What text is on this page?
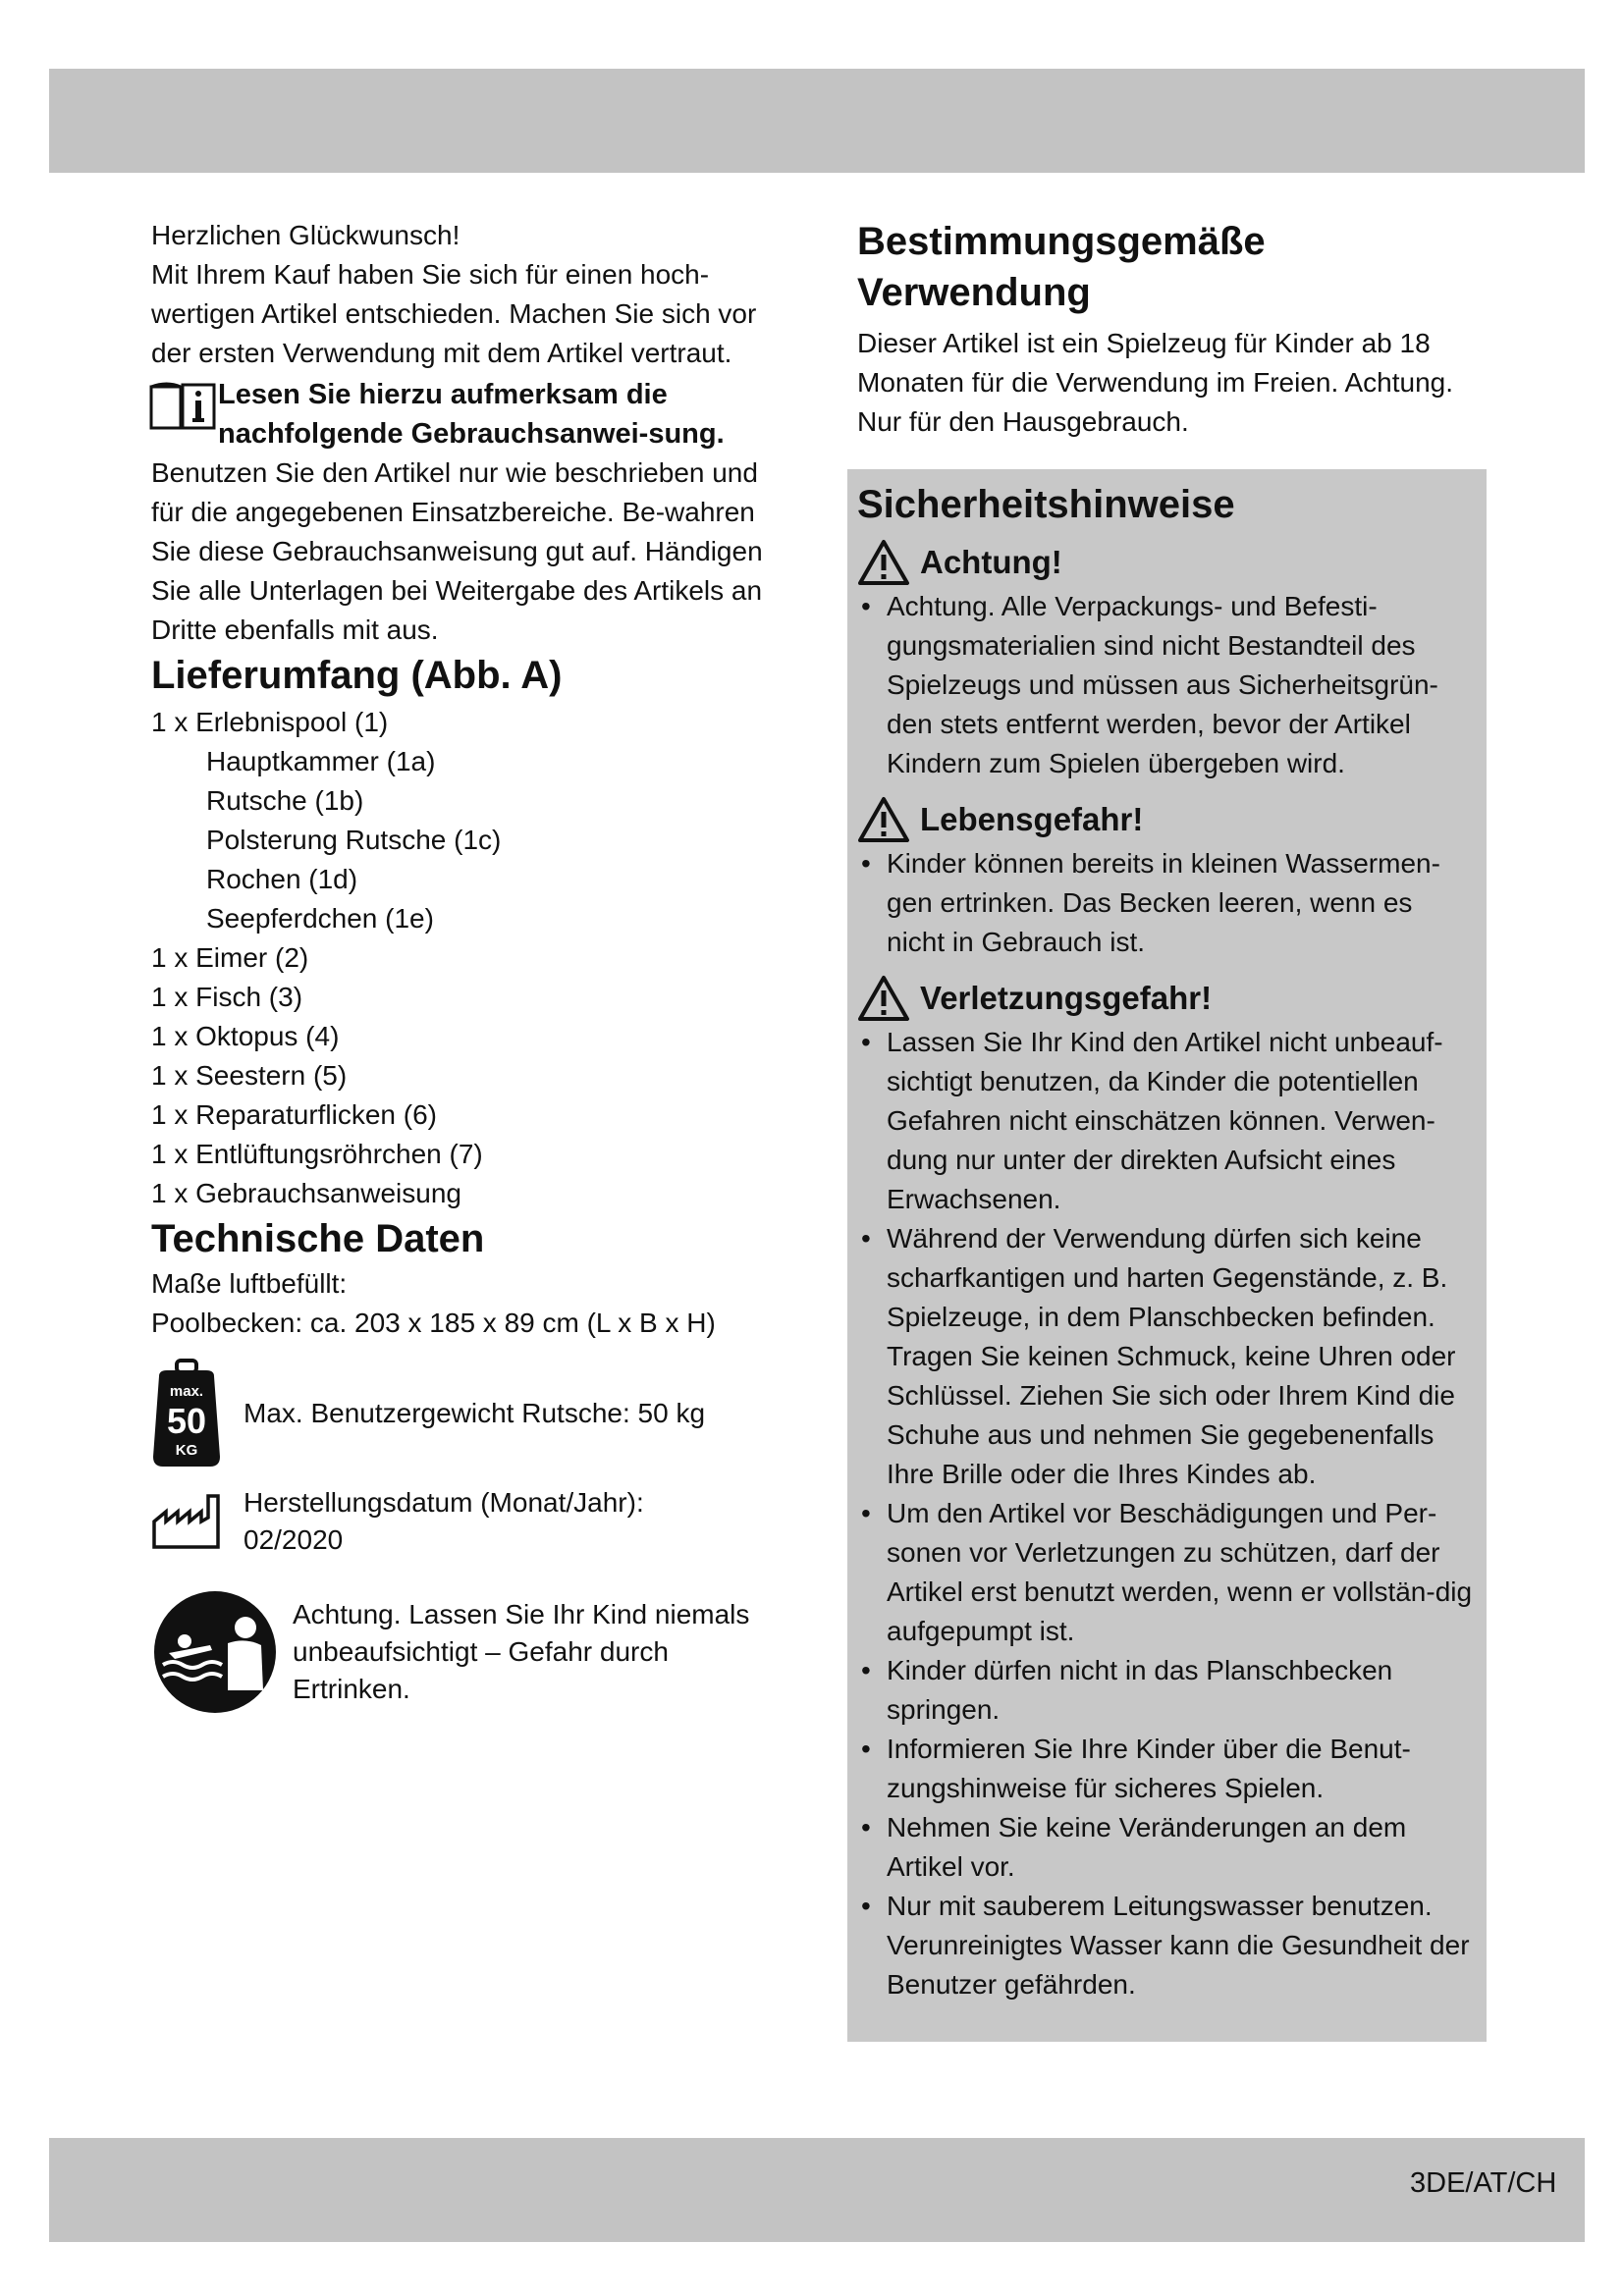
Herzlichen Glückwunsch!

Mit Ihrem Kauf haben Sie sich für einen hoch-wertigen Artikel entschieden. Machen Sie sich vor der ersten Verwendung mit dem Artikel vertraut.

Lesen Sie hierzu aufmerksam die nachfolgende Gebrauchsanwei-sung.

Benutzen Sie den Artikel nur wie beschrieben und für die angegebenen Einsatzbereiche. Be-wahren Sie diese Gebrauchsanweisung gut auf. Händigen Sie alle Unterlagen bei Weitergabe des Artikels an Dritte ebenfalls mit aus.

Lieferumfang (Abb. A)
1 x Erlebnispool (1)
Hauptkammer (1a)
Rutsche (1b)
Polsterung Rutsche (1c)
Rochen (1d)
Seepferdchen (1e)
1 x Eimer (2)
1 x Fisch (3)
1 x Oktopus (4)
1 x Seestern (5)
1 x Reparaturflicken (6)
1 x Entlüftungsröhrchen (7)
1 x Gebrauchsanweisung
Technische Daten

Maße luftbefüllt:

Poolbecken: ca. 203 x 185 x 89 cm (L x B x H)

max.
50
KG
Max. Benutzergewicht Rutsche: 50 kg
Herstellungsdatum (Monat/Jahr):
02/2020
Achtung. Lassen Sie Ihr Kind niemals unbeaufsichtigt – Gefahr durch Ertrinken.
Bestimmungsgemäße
Verwendung

Dieser Artikel ist ein Spielzeug für Kinder ab 18 Monaten für die Verwendung im Freien. Achtung. Nur für den Hausgebrauch.

Sicherheitshinweise
Achtung!
• Achtung. Alle Verpackungs- und Befesti-gungsmaterialien sind nicht Bestandteil des Spielzeugs und müssen aus Sicherheitsgrün-den stets entfernt werden, bevor der Artikel Kindern zum Spielen übergeben wird.
Lebensgefahr!
• Kinder können bereits in kleinen Wassermen-gen ertrinken. Das Becken leeren, wenn es nicht in Gebrauch ist.
Verletzungsgefahr!
• Lassen Sie Ihr Kind den Artikel nicht unbeauf-sichtigt benutzen, da Kinder die potentiellen Gefahren nicht einschätzen können. Verwen-dung nur unter der direkten Aufsicht eines Erwachsenen.
• Während der Verwendung dürfen sich keine scharfkantigen und harten Gegenstände, z. B. Spielzeuge, in dem Planschbecken befinden. Tragen Sie keinen Schmuck, keine Uhren oder Schlüssel. Ziehen Sie sich oder Ihrem Kind die Schuhe aus und nehmen Sie gegebenenfalls Ihre Brille oder die Ihres Kindes ab.
• Um den Artikel vor Beschädigungen und Per-sonen vor Verletzungen zu schützen, darf der Artikel erst benutzt werden, wenn er vollstän-dig aufgepumpt ist.
• Kinder dürfen nicht in das Planschbecken springen.
• Informieren Sie Ihre Kinder über die Benut-zungshinweise für sicheres Spielen.
• Nehmen Sie keine Veränderungen an dem Artikel vor.
• Nur mit sauberem Leitungswasser benutzen. Verunreinigtes Wasser kann die Gesundheit der Benutzer gefährden.
3DE/AT/CH
